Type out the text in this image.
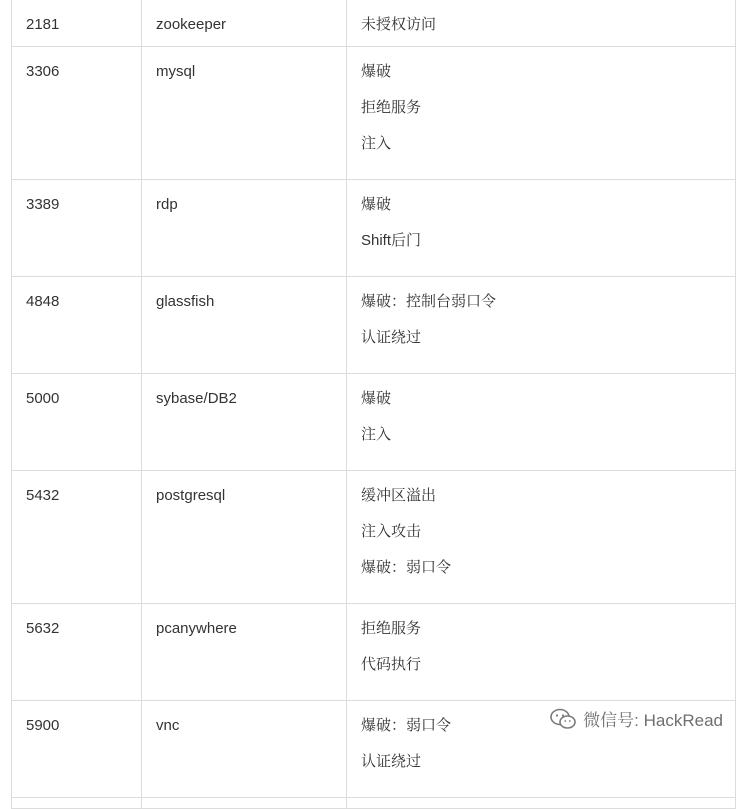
2181	zookeeper	未授权访问

3306	mysql	爆破
拒绝服务
注入

3389	rdp	爆破
Shift后门

4848	glassfish	爆破：控制台弱口令
认证绕过

5000	sybase/DB2	爆破
注入

5432	postgresql	缓冲区溢出
注入攻击
爆破：弱口令

5632	pcanywhere	拒绝服务
代码执行

5900	vnc	爆破：弱口令
认证绕过

微信号: HackRead
